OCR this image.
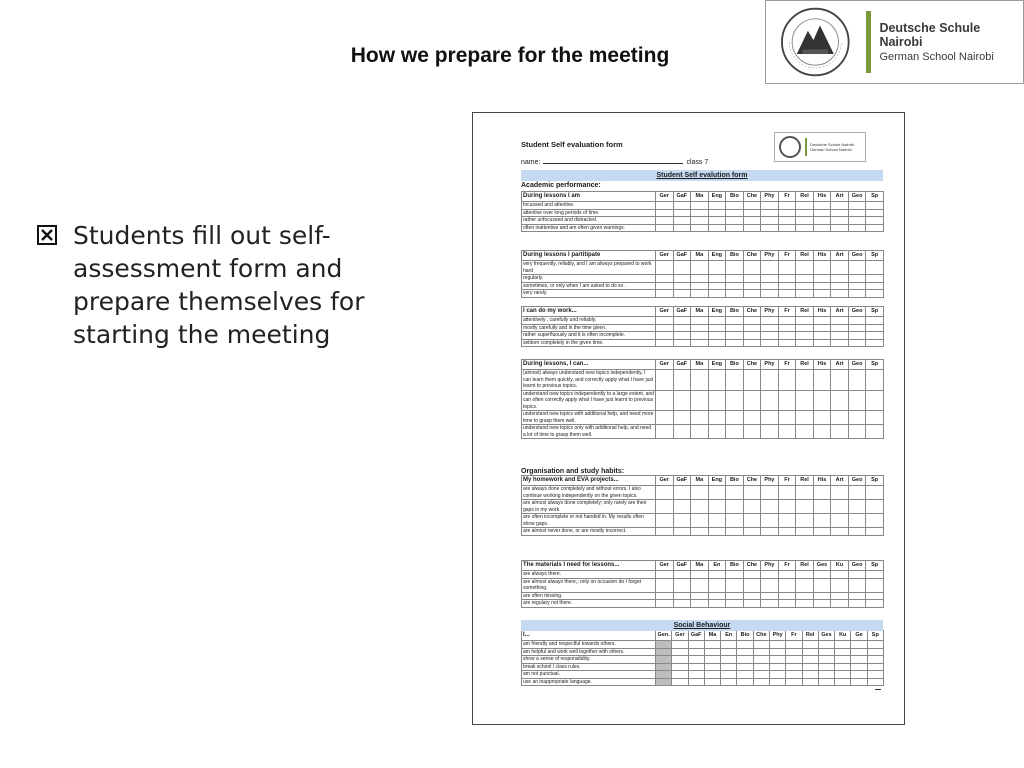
How we prepare for the meeting
Deutsche Schule Nairobi
German School Nairobi
Students fill out self-assessment form and prepare themselves for starting the meeting
Student Self evaluation form
name:	class 7
Deutsche Schule Nairobi
German School Nairobi
Student Self evalution form
Academic performance:
During lessons I am	Ger	GaF	Ma	Eng	Bio	Che	Phy	Fr	Rel	His	Art	Geo	Sp
focussed and attentive.													
attentive over long periods of time.													
rather unfocussed and distracted.													
often inattentive and am often given warnings.													
During lessons I partitipate	Ger	GaF	Ma	Eng	Bio	Che	Phy	Fr	Rel	His	Art	Geo	Sp
very frequently, reliably, and I am always prepared to work hard													
regularly.													
sometimes, or only when I am asked to do so .													
very rarely.													
I can do my work...	Ger	GaF	Ma	Eng	Bio	Che	Phy	Fr	Rel	His	Art	Geo	Sp
attentively , carefully und reliably.													
mostly carefully and in the time given.													
rather superfluously and it is often incomplete.													
seldom completely in the given time.													
During lessons, I can...	Ger	GaF	Ma	Eng	Bio	Che	Phy	Fr	Rel	His	Art	Geo	Sp
(almost) always understand new topics independently, I can learn them quickly, and correctly apply what I have just learnt to previous topics.													
understand new topics independently to a large extent, and can often correctly apply what I have just learnt to previous topics.													
understand new topics with additional help, and need more time to grasp them well.													
understand new topics only with additional help, and need a lot of time to grasp them well.													
My homework and EVA projects...	Ger	GaF	Ma	Eng	Bio	Che	Phy	Fr	Rel	His	Art	Geo	Sp
are always done completely and without errors. I also continue working independently on the given topics.													
are almost always done completely; only rarely are their gaps in my work.													
are often incomplete or not handed in. My results often show gaps.													
are almost never done, or are mostly incorrect.													
The materials I need for lessons...	Ger	GaF	Ma	En	Bio	Che	Phy	Fr	Rel	Ges	Ku	Geo	Sp
are always there.													
are almost always there,; only on occasion do I forget something.													
are often missing.													
are regulary not there.													
I...	Gen.	Ger	GaF	Ma	En	Bio	Che	Phy	Fr	Rel	Ges	Ku	Ge	Sp
am friendly and respectful towards others.														
am helpful and work well together with others.														
show a sense of responsibility.														
break school / class rules.														
am not punctual.														
use an inappropriate language.														
Organisation and study habits:
Social Behaviour
